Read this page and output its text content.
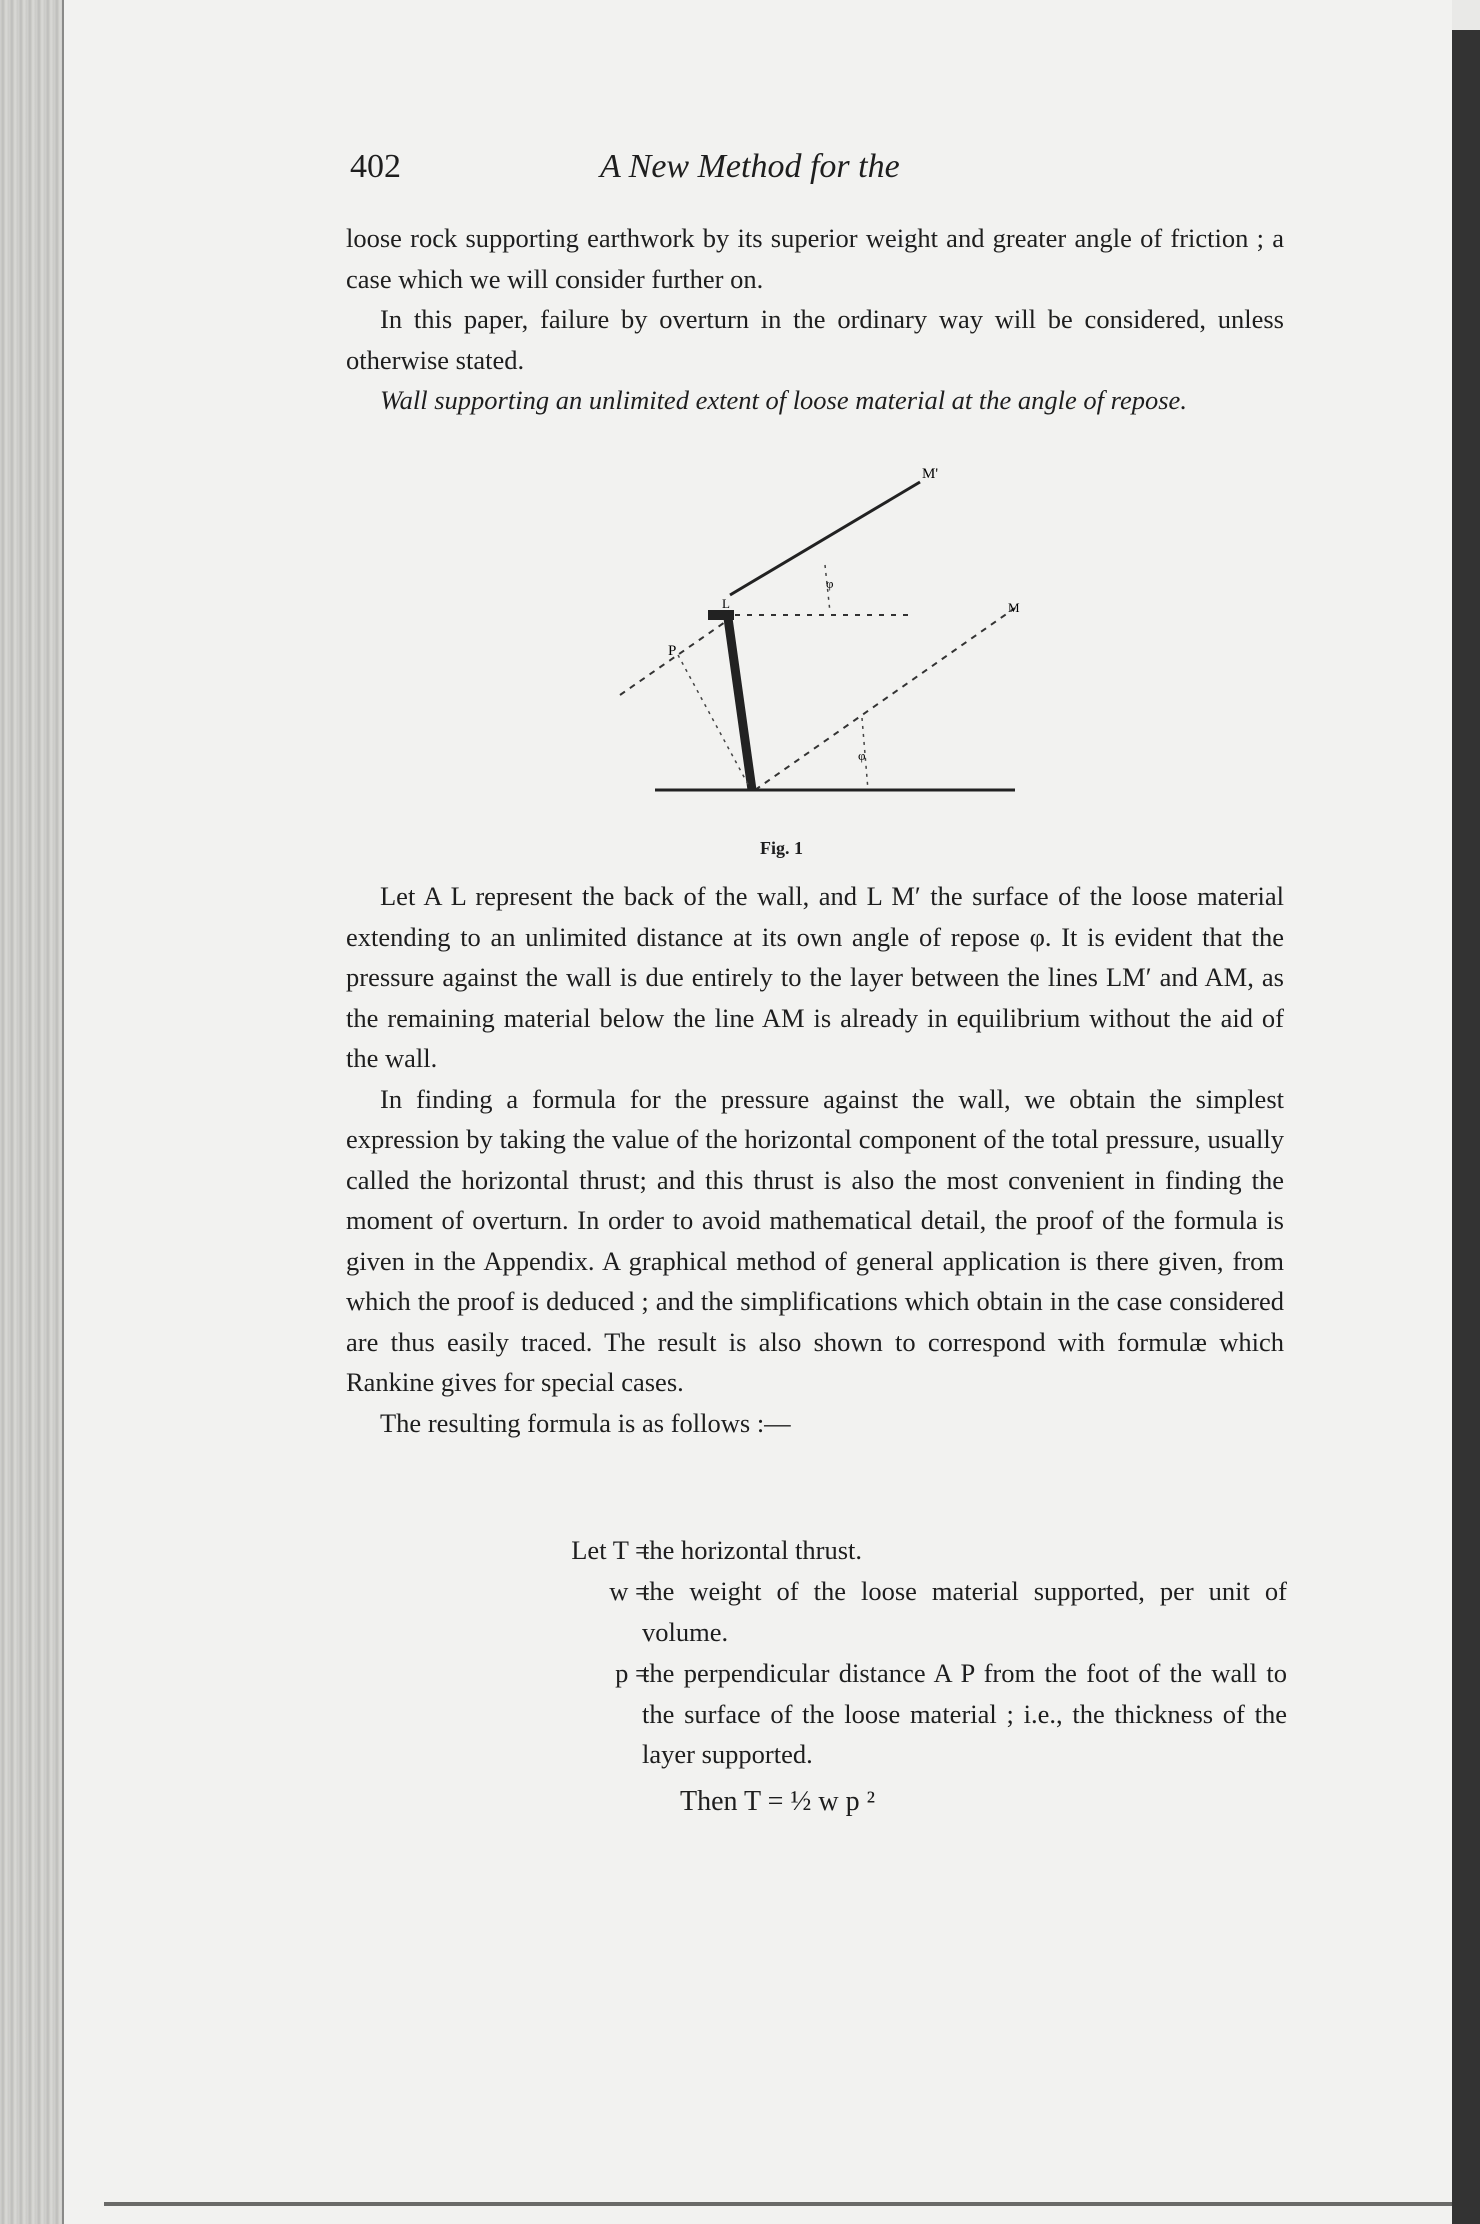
402	A New Method for the

loose rock supporting earthwork by its superior weight and greater angle of friction ; a case which we will consider further on.

In this paper, failure by overturn in the ordinary way will be considered, unless otherwise stated.

Wall supporting an unlimited extent of loose material at the angle of repose.

M'
L
P
M
φ
φ
Fig. 1

Let A L represent the back of the wall, and L M′ the surface of the loose material extending to an unlimited distance at its own angle of repose φ. It is evident that the pressure against the wall is due entirely to the layer between the lines LM′ and AM, as the remaining material below the line AM is already in equilibrium without the aid of the wall.

In finding a formula for the pressure against the wall, we obtain the simplest expression by taking the value of the horizontal component of the total pressure, usually called the horizontal thrust; and this thrust is also the most convenient in finding the moment of overturn. In order to avoid mathematical detail, the proof of the formula is given in the Appendix. A graphical method of general application is there given, from which the proof is deduced ; and the simplifications which obtain in the case considered are thus easily traced. The result is also shown to correspond with formulæ which Rankine gives for special cases.

The resulting formula is as follows :—

Let T =
the horizontal thrust.
w =
the weight of the loose material supported, per unit of volume.
p =
the perpendicular distance A P from the foot of the wall to the surface of the loose material ; i.e., the thickness of the layer supported.
Then T = ½ w p ²
